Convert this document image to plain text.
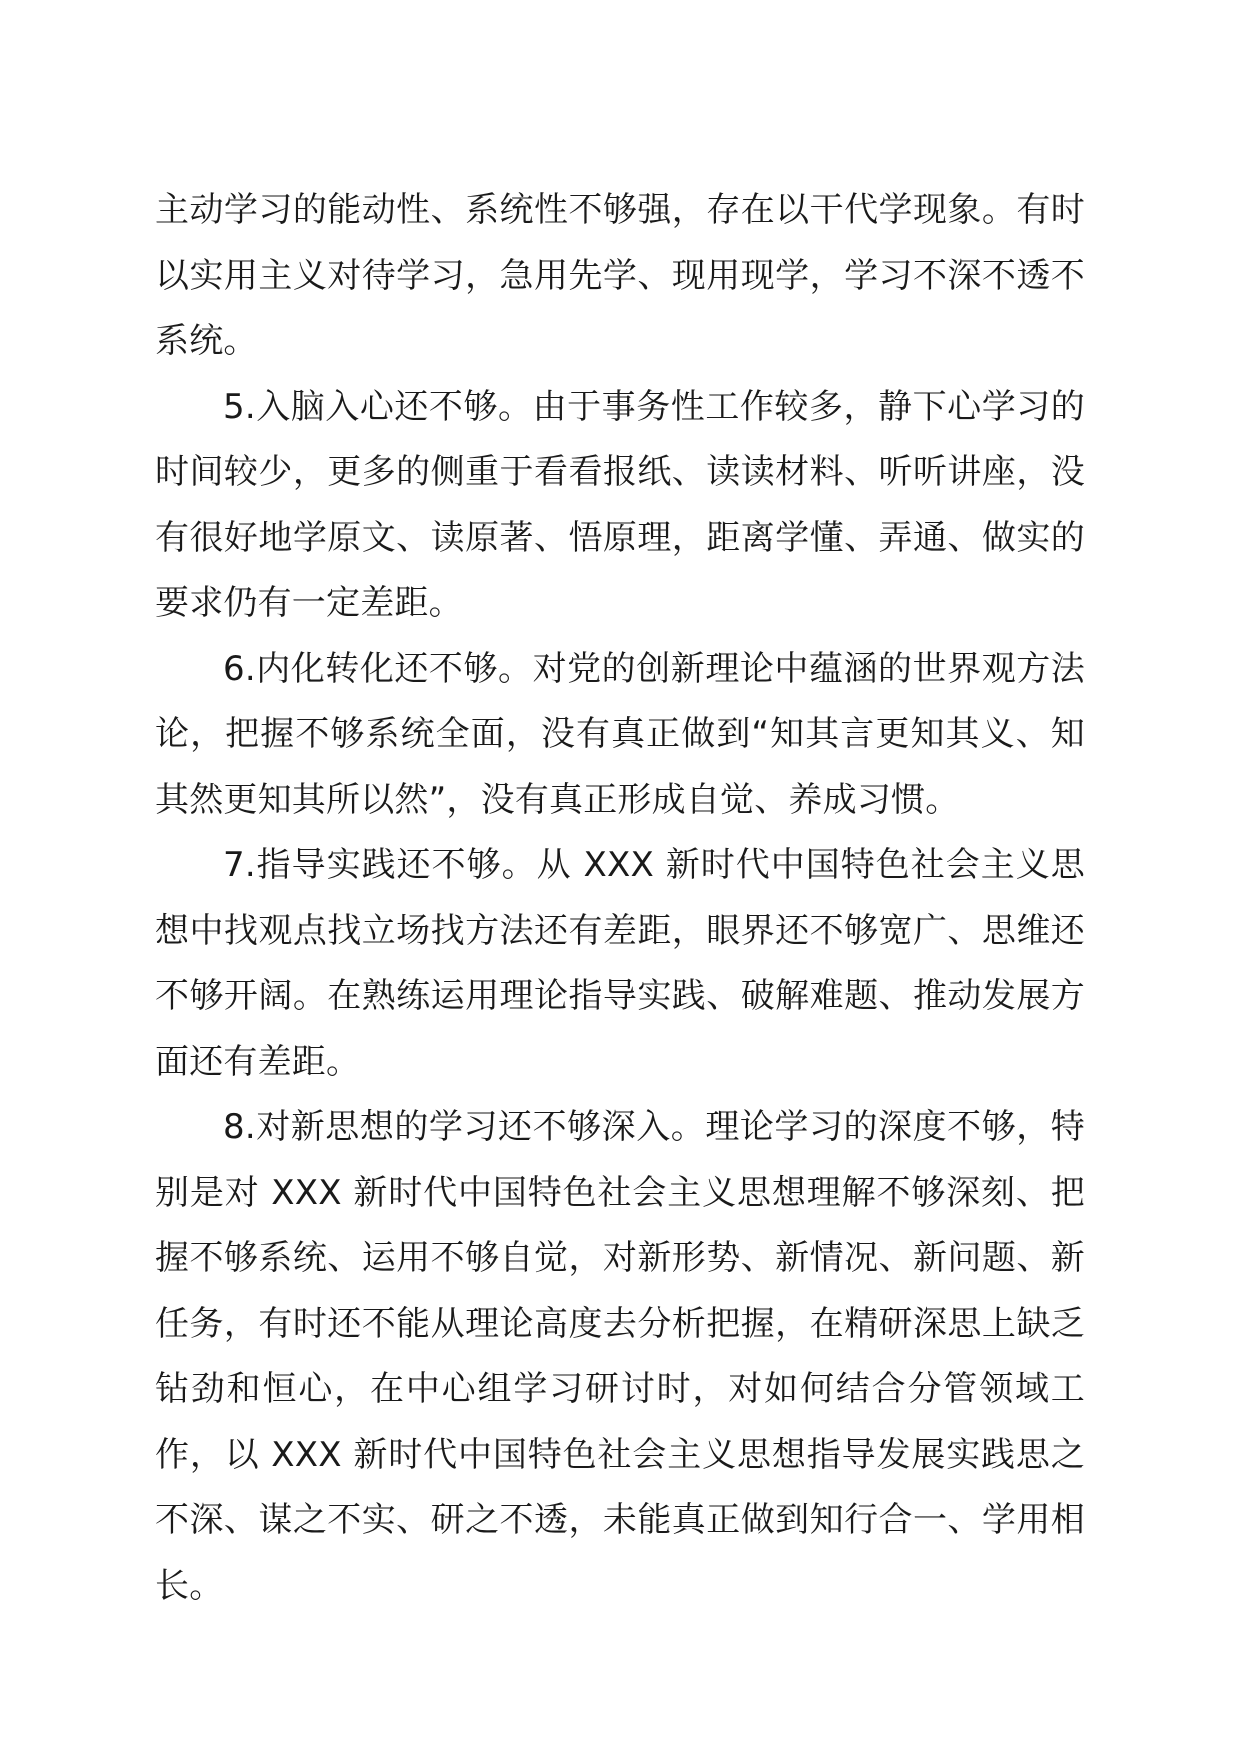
主动学习的能动性、系统性不够强，存在以干代学现象。有时以实用主义对待学习，急用先学、现用现学，学习不深不透不系统。

5.入脑入心还不够。由于事务性工作较多，静下心学习的时间较少，更多的侧重于看看报纸、读读材料、听听讲座，没有很好地学原文、读原著、悟原理，距离学懂、弄通、做实的要求仍有一定差距。

6.内化转化还不够。对党的创新理论中蕴涵的世界观方法论，把握不够系统全面，没有真正做到“知其言更知其义、知其然更知其所以然”，没有真正形成自觉、养成习惯。

7.指导实践还不够。从 XXX 新时代中国特色社会主义思想中找观点找立场找方法还有差距，眼界还不够宽广、思维还不够开阔。在熟练运用理论指导实践、破解难题、推动发展方面还有差距。

8.对新思想的学习还不够深入。理论学习的深度不够，特别是对 XXX 新时代中国特色社会主义思想理解不够深刻、把握不够系统、运用不够自觉，对新形势、新情况、新问题、新任务，有时还不能从理论高度去分析把握，在精研深思上缺乏钻劲和恒心，在中心组学习研讨时，对如何结合分管领域工作，以 XXX 新时代中国特色社会主义思想指导发展实践思之不深、谋之不实、研之不透，未能真正做到知行合一、学用相长。
